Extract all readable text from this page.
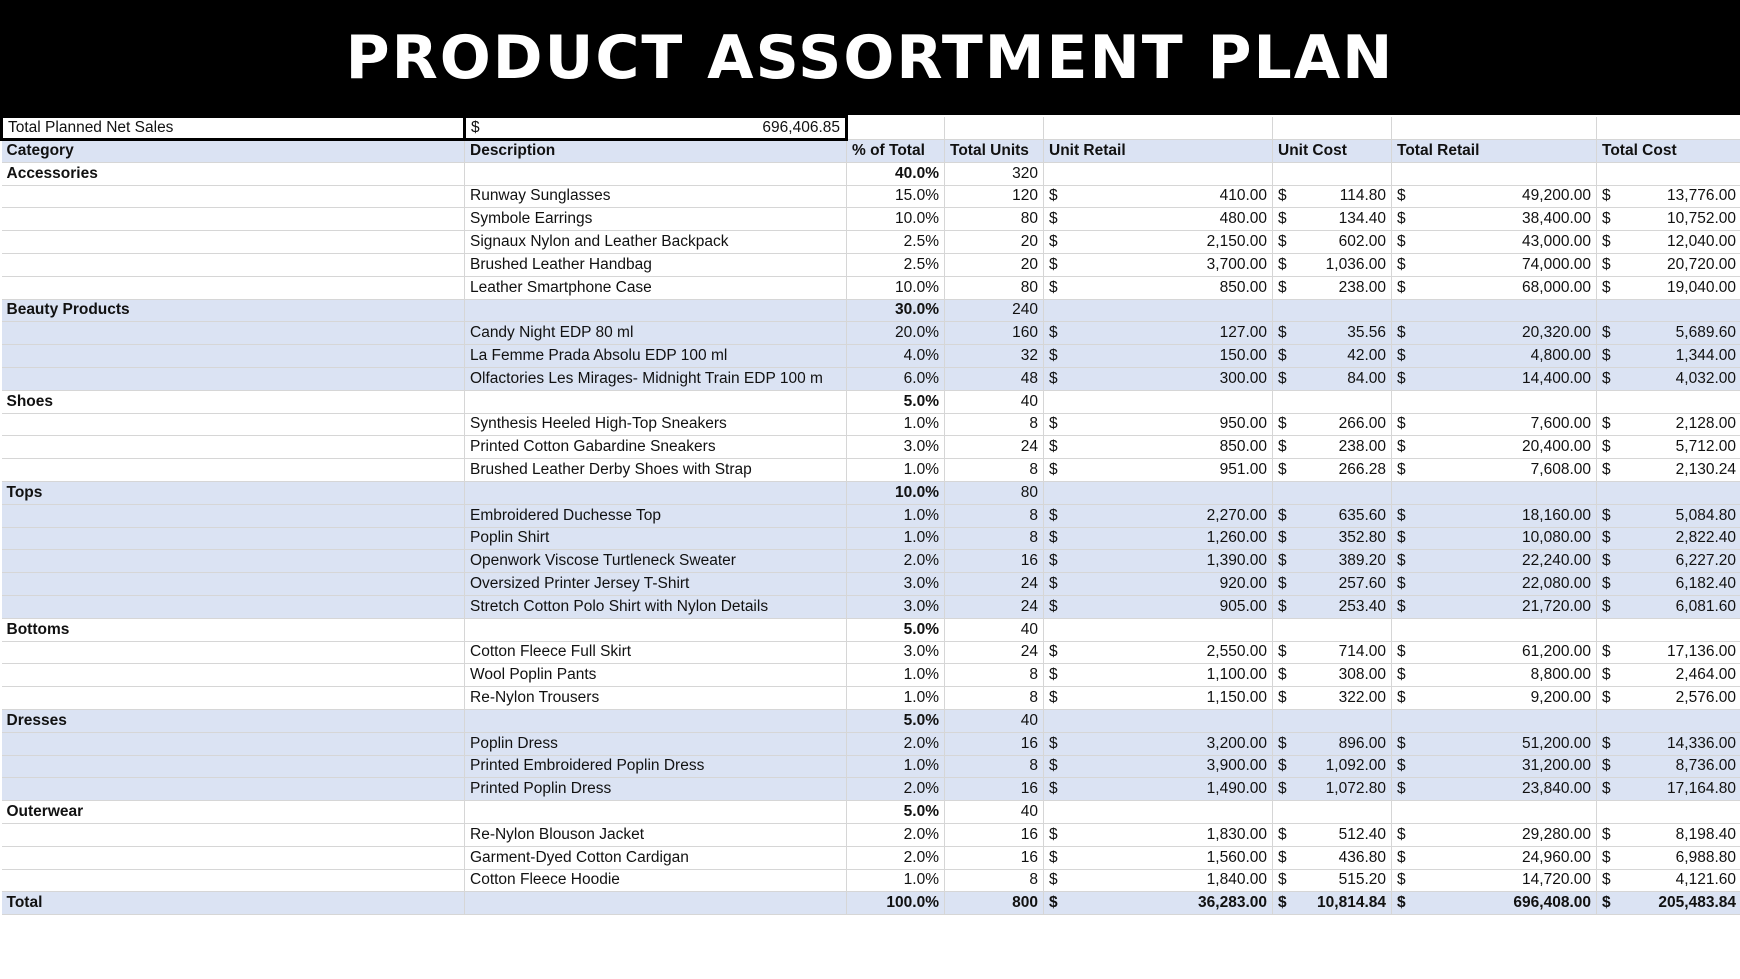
PRODUCT ASSORTMENT PLAN
Total Planned Net Sales	$ 696,406.85						

Category	Description	% of Total	Total Units	Unit Retail	Unit Cost	Total Retail	Total Cost
Accessories		40.0%	320				
	Runway Sunglasses	15.0%	120	$ 410.00	$ 114.80	$ 49,200.00	$ 13,776.00

	Symbole Earrings	10.0%	80	$ 480.00	$ 134.40	$ 38,400.00	$ 10,752.00

	Signaux Nylon and Leather Backpack	2.5%	20	$ 2,150.00	$ 602.00	$ 43,000.00	$ 12,040.00

	Brushed Leather Handbag	2.5%	20	$ 3,700.00	$ 1,036.00	$ 74,000.00	$ 20,720.00

	Leather Smartphone Case	10.0%	80	$ 850.00	$ 238.00	$ 68,000.00	$ 19,040.00

Beauty Products		30.0%	240				
	Candy Night EDP 80 ml	20.0%	160	$ 127.00	$ 35.56	$ 20,320.00	$ 5,689.60

	La Femme Prada Absolu EDP 100 ml	4.0%	32	$ 150.00	$ 42.00	$ 4,800.00	$ 1,344.00

	Olfactories Les Mirages- Midnight Train EDP 100 m	6.0%	48	$ 300.00	$ 84.00	$ 14,400.00	$ 4,032.00

Shoes		5.0%	40				
	Synthesis Heeled High-Top Sneakers	1.0%	8	$ 950.00	$ 266.00	$ 7,600.00	$ 2,128.00

	Printed Cotton Gabardine Sneakers	3.0%	24	$ 850.00	$ 238.00	$ 20,400.00	$ 5,712.00

	Brushed Leather Derby Shoes with Strap	1.0%	8	$ 951.00	$ 266.28	$ 7,608.00	$ 2,130.24

Tops		10.0%	80				
	Embroidered Duchesse Top	1.0%	8	$ 2,270.00	$ 635.60	$ 18,160.00	$ 5,084.80

	Poplin Shirt	1.0%	8	$ 1,260.00	$ 352.80	$ 10,080.00	$ 2,822.40

	Openwork Viscose Turtleneck Sweater	2.0%	16	$ 1,390.00	$ 389.20	$ 22,240.00	$ 6,227.20

	Oversized Printer Jersey T-Shirt	3.0%	24	$ 920.00	$ 257.60	$ 22,080.00	$ 6,182.40

	Stretch Cotton Polo Shirt with Nylon Details	3.0%	24	$ 905.00	$ 253.40	$ 21,720.00	$ 6,081.60

Bottoms		5.0%	40				
	Cotton Fleece Full Skirt	3.0%	24	$ 2,550.00	$ 714.00	$ 61,200.00	$ 17,136.00

	Wool Poplin Pants	1.0%	8	$ 1,100.00	$ 308.00	$ 8,800.00	$ 2,464.00

	Re-Nylon Trousers	1.0%	8	$ 1,150.00	$ 322.00	$ 9,200.00	$ 2,576.00

Dresses		5.0%	40				
	Poplin Dress	2.0%	16	$ 3,200.00	$ 896.00	$ 51,200.00	$ 14,336.00

	Printed Embroidered Poplin Dress	1.0%	8	$ 3,900.00	$ 1,092.00	$ 31,200.00	$ 8,736.00

	Printed Poplin Dress	2.0%	16	$ 1,490.00	$ 1,072.80	$ 23,840.00	$ 17,164.80

Outerwear		5.0%	40				
	Re-Nylon Blouson Jacket	2.0%	16	$ 1,830.00	$ 512.40	$ 29,280.00	$ 8,198.40

	Garment-Dyed Cotton Cardigan	2.0%	16	$ 1,560.00	$ 436.80	$ 24,960.00	$ 6,988.80

	Cotton Fleece Hoodie	1.0%	8	$ 1,840.00	$ 515.20	$ 14,720.00	$ 4,121.60

Total		100.0%	800	$ 36,283.00	$ 10,814.84	$ 696,408.00	$ 205,483.84
